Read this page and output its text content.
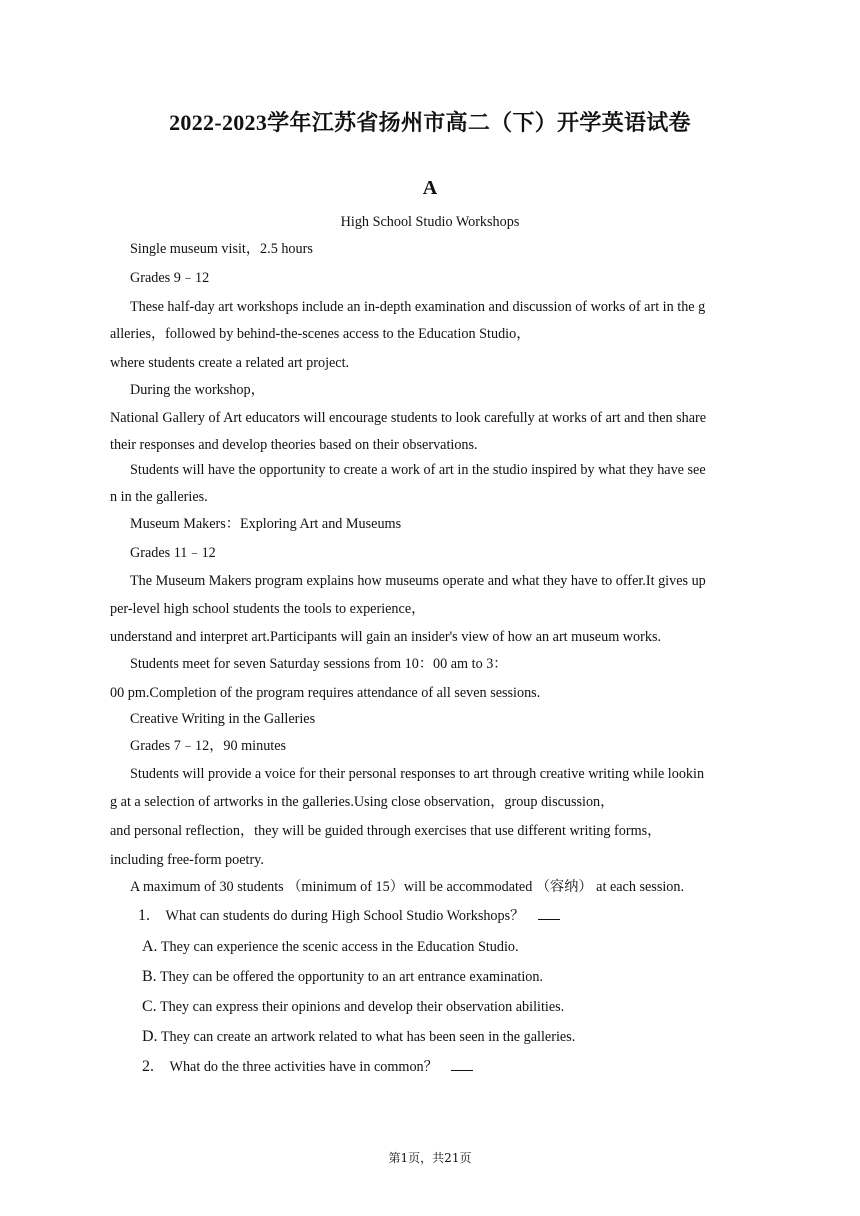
2022-2023学年江苏省扬州市高二（下）开学英语试卷
A
High School Studio Workshops
Single museum visit，2.5 hours
Grades 9﹣12
These half-day art workshops include an in-depth examination and discussion of works of art in the g
alleries，followed by behind-the-scenes access to the Education Studio，
where students create a related art project.
During the workshop，
National Gallery of Art educators will encourage students to look carefully at works of art and then share
their responses and develop theories based on their observations.
Students will have the opportunity to create a work of art in the studio inspired by what they have see
n in the galleries.
Museum Makers：Exploring Art and Museums
Grades 11﹣12
The Museum Makers program explains how museums operate and what they have to offer.It gives up
per-level high school students the tools to experience，
understand and interpret art.Participants will gain an insider's view of how an art museum works.
Students meet for seven Saturday sessions from 10：00 am to 3：
00 pm.Completion of the program requires attendance of all seven sessions.
Creative Writing in the Galleries
Grades 7﹣12，90 minutes
Students will provide a voice for their personal responses to art through creative writing while lookin
g at a selection of artworks in the galleries.Using close observation，group discussion，
and personal reflection，they will be guided through exercises that use different writing forms，
including free-form poetry.
A maximum of 30 students （minimum of 15）will be accommodated （容纳） at each session.
1. What can students do during High School Studio Workshops？
A. They can experience the scenic access in the Education Studio.
B. They can be offered the opportunity to an art entrance examination.
C. They can express their opinions and develop their observation abilities.
D. They can create an artwork related to what has been seen in the galleries.
2. What do the three activities have in common？
第1页，共21页
